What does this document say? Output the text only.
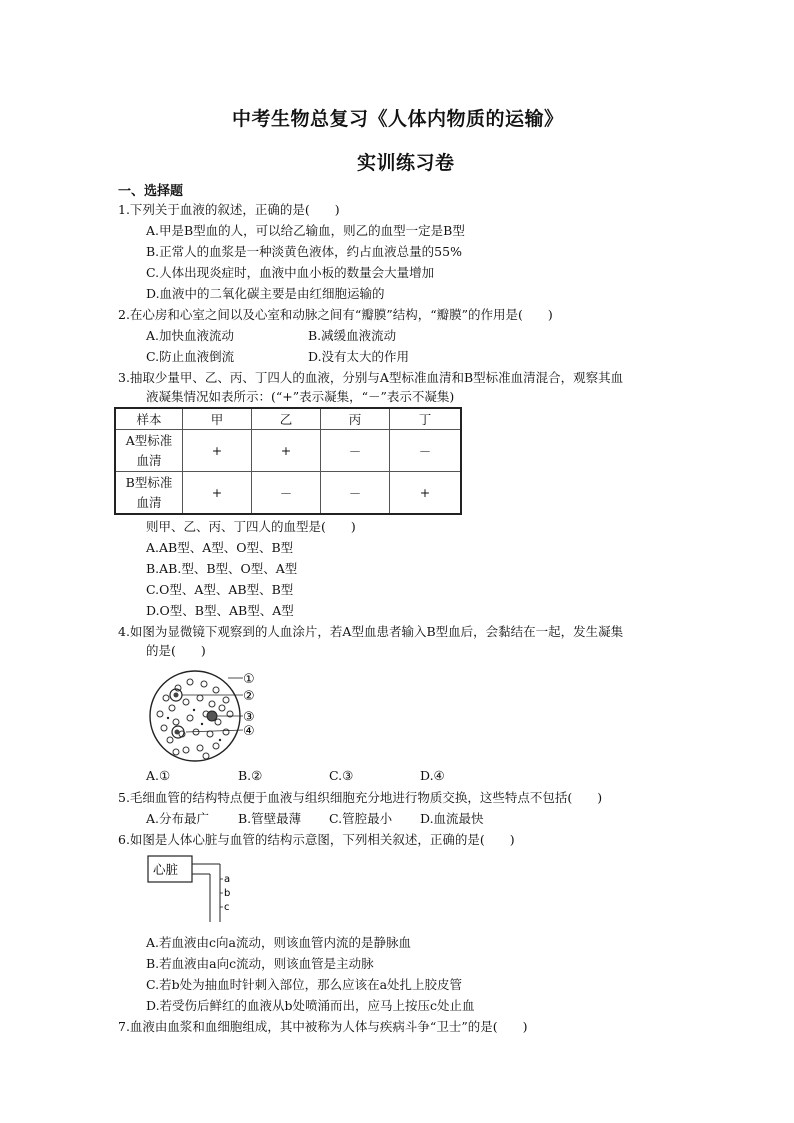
中考生物总复习《人体内物质的运输》
实训练习卷
一、选择题
1.下列关于血液的叙述，正确的是(　　)
A.甲是B型血的人，可以给乙输血，则乙的血型一定是B型
B.正常人的血浆是一种淡黄色液体，约占血液总量的55%
C.人体出现炎症时，血液中血小板的数量会大量增加
D.血液中的二氧化碳主要是由红细胞运输的
2.在心房和心室之间以及心室和动脉之间有“瓣膜”结构，“瓣膜”的作用是(　　)
A.加快血液流动	B.减缓血液流动
C.防止血液倒流	D.没有太大的作用
3.抽取少量甲、乙、丙、丁四人的血液，分别与A型标准血清和B型标准血清混合，观察其血
液凝集情况如表所示：(“+”表示凝集，“－”表示不凝集)
样本	甲	乙	丙	丁
A型标准
血清	+	+	－	－
B型标准
血清	+	－	－	+
则甲、乙、丙、丁四人的血型是(　　)
A.AB型、A型、O型、B型
B.AB.型、B型、O型、A型
C.O型、A型、AB型、B型
D.O型、B型、AB型、A型
4.如图为显微镜下观察到的人血涂片，若A型血患者输入B型血后，会黏结在一起，发生凝集
的是(　　)
①
②
③
④
A.①	B.②	C.③	D.④
5.毛细血管的结构特点便于血液与组织细胞充分地进行物质交换，这些特点不包括(　　)
A.分布最广 B.管壁最薄 C.管腔最小 D.血流最快
6.如图是人体心脏与血管的结构示意图，下列相关叙述，正确的是(　　)
心脏
a
b
c
A.若血液由c向a流动，则该血管内流的是静脉血
B.若血液由a向c流动，则该血管是主动脉
C.若b处为抽血时针刺入部位，那么应该在a处扎上胶皮管
D.若受伤后鲜红的血液从b处喷涌而出，应马上按压c处止血
7.血液由血浆和血细胞组成，其中被称为人体与疾病斗争“卫士”的是(　　)
